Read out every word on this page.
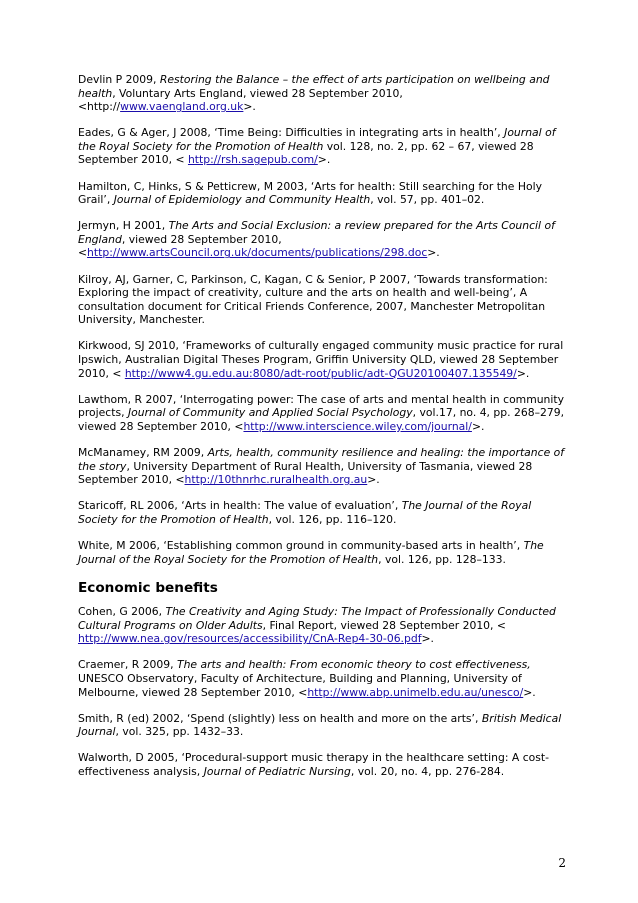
Devlin P 2009, Restoring the Balance – the effect of arts participation on wellbeing and health, Voluntary Arts England, viewed 28 September 2010, <http://www.vaengland.org.uk>.

Eades, G & Ager, J 2008, ‘Time Being: Difficulties in integrating arts in health’, Journal of the Royal Society for the Promotion of Health vol. 128, no. 2, pp. 62 – 67, viewed 28 September 2010, < http://rsh.sagepub.com/>.

Hamilton, C, Hinks, S & Petticrew, M 2003, ‘Arts for health: Still searching for the Holy Grail’, Journal of Epidemiology and Community Health, vol. 57, pp. 401–02.

Jermyn, H 2001, The Arts and Social Exclusion: a review prepared for the Arts Council of England, viewed 28 September 2010, <http://www.artsCouncil.org.uk/documents/publications/298.doc>.

Kilroy, AJ, Garner, C, Parkinson, C, Kagan, C & Senior, P 2007, ‘Towards transformation: Exploring the impact of creativity, culture and the arts on health and well-being’, A consultation document for Critical Friends Conference, 2007, Manchester Metropolitan University, Manchester.

Kirkwood, SJ 2010, ‘Frameworks of culturally engaged community music practice for rural Ipswich, Australian Digital Theses Program, Griffin University QLD, viewed 28 September 2010, < http://www4.gu.edu.au:8080/adt-root/public/adt-QGU20100407.135549/>.

Lawthom, R 2007, ‘Interrogating power: The case of arts and mental health in community projects, Journal of Community and Applied Social Psychology, vol.17, no. 4, pp. 268–279, viewed 28 September 2010, <http://www.interscience.wiley.com/journal/>.

McManamey, RM 2009, Arts, health, community resilience and healing: the importance of the story, University Department of Rural Health, University of Tasmania, viewed 28 September 2010, <http://10thnrhc.ruralhealth.org.au>.

Staricoff, RL 2006, ‘Arts in health: The value of evaluation’, The Journal of the Royal Society for the Promotion of Health, vol. 126, pp. 116–120.

White, M 2006, ‘Establishing common ground in community-based arts in health’, The Journal of the Royal Society for the Promotion of Health, vol. 126, pp. 128–133.

Economic benefits

Cohen, G 2006, The Creativity and Aging Study: The Impact of Professionally Conducted Cultural Programs on Older Adults, Final Report, viewed 28 September 2010, < http://www.nea.gov/resources/accessibility/CnA-Rep4-30-06.pdf>.

Craemer, R 2009, The arts and health: From economic theory to cost effectiveness, UNESCO Observatory, Faculty of Architecture, Building and Planning, University of Melbourne, viewed 28 September 2010, <http://www.abp.unimelb.edu.au/unesco/>.

Smith, R (ed) 2002, ‘Spend (slightly) less on health and more on the arts’, British Medical Journal, vol. 325, pp. 1432–33.

Walworth, D 2005, ‘Procedural-support music therapy in the healthcare setting: A cost-effectiveness analysis, Journal of Pediatric Nursing, vol. 20, no. 4, pp. 276-284.

2
